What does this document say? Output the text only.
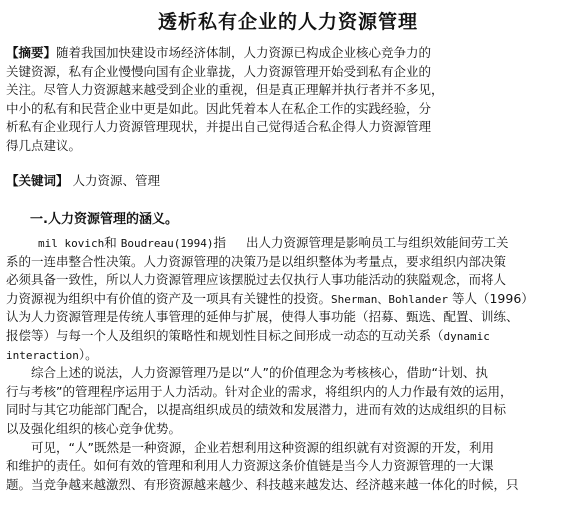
透析私有企业的人力资源管理
【摘要】随着我国加快建设市场经济体制，人力资源已构成企业核心竞争力的
关键资源，私有企业慢慢向国有企业靠拢，人力资源管理开始受到私有企业的
关注。尽管人力资源越来越受到企业的重视，但是真正理解并执行者并不多见，
中小的私有和民营企业中更是如此。因此凭着本人在私企工作的实践经验，分
析私有企业现行人力资源管理现状，并提出自己觉得适合私企得人力资源管理
得几点建议。
【关键词】 人力资源、管理
一.人力资源管理的涵义。
mil kovich和 Boudreau(1994)指 出人力资源管理是影响员工与组织效能间劳工关
系的一连串整合性决策。人力资源管理的决策乃是以组织整体为考量点，要求组织内部决策
必须具备一致性，所以人力资源管理应该摆脱过去仅执行人事功能活动的狭隘观念，而将人
力资源视为组织中有价值的资产及一项具有关键性的投资。Sherman、Bohlander 等人（1996）
认为人力资源管理是传统人事管理的延伸与扩展，使得人事功能（招募、甄选、配置、训练、
报偿等）与每一个人及组织的策略性和规划性目标之间形成一动态的互动关系（dynamic
interaction）。
综合上述的说法，人力资源管理乃是以“人”的价值理念为考核核心，借助“计划、执
行与考核”的管理程序运用于人力活动。针对企业的需求，将组织内的人力作最有效的运用，
同时与其它功能部门配合，以提高组织成员的绩效和发展潜力，进而有效的达成组织的目标
以及强化组织的核心竞争优势。
可见，“人”既然是一种资源，企业若想利用这种资源的组织就有对资源的开发，利用
和维护的责任。如何有效的管理和利用人力资源这条价值链是当今人力资源管理的一大课
题。当竞争越来越激烈、有形资源越来越少、科技越来越发达、经济越来越一体化的时候，只
